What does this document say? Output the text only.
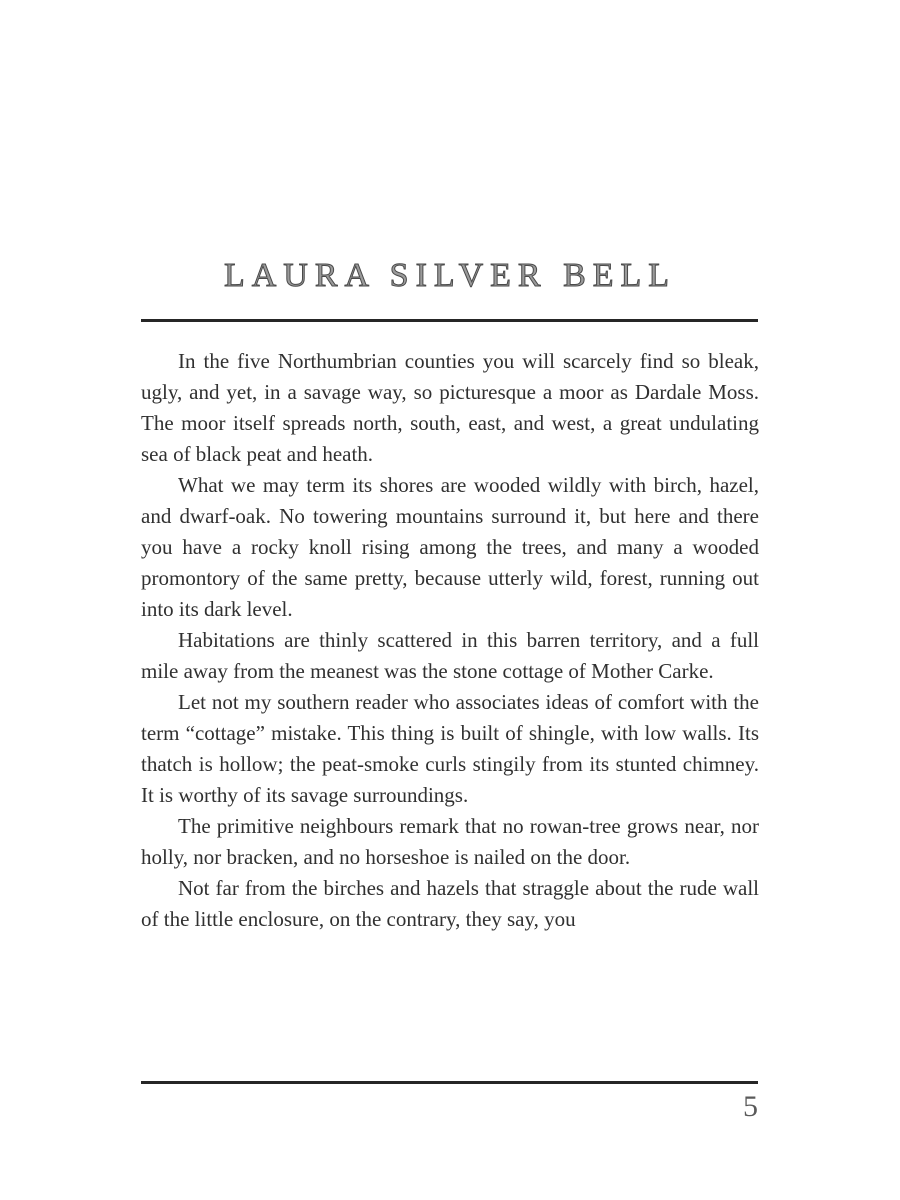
LAURA SILVER BELL

In the five Northumbrian counties you will scarcely find so bleak, ugly, and yet, in a savage way, so picturesque a moor as Dardale Moss. The moor itself spreads north, south, east, and west, a great undulating sea of black peat and heath.

What we may term its shores are wooded wildly with birch, hazel, and dwarf-oak. No towering mountains surround it, but here and there you have a rocky knoll rising among the trees, and many a wooded promontory of the same pretty, because utterly wild, forest, running out into its dark level.

Habitations are thinly scattered in this barren territory, and a full mile away from the meanest was the stone cottage of Mother Carke.

Let not my southern reader who associates ideas of comfort with the term “cottage” mistake. This thing is built of shingle, with low walls. Its thatch is hollow; the peat-smoke curls stingily from its stunted chimney. It is worthy of its savage surroundings.

The primitive neighbours remark that no rowan-tree grows near, nor holly, nor bracken, and no horseshoe is nailed on the door.

Not far from the birches and hazels that straggle about the rude wall of the little enclosure, on the contrary, they say, you

5
